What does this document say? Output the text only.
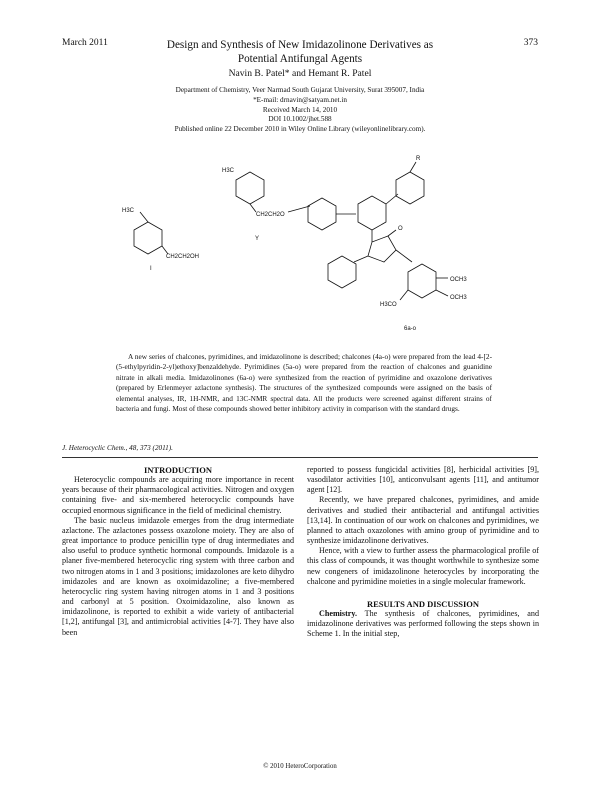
March 2011	373
Design and Synthesis of New Imidazolinone Derivatives as
Potential Antifungal Agents
Navin B. Patel* and Hemant R. Patel
Department of Chemistry, Veer Narmad South Gujarat University, Surat 395007, India
*E-mail: drnavin@satyam.net.in
Received March 14, 2010
DOI 10.1002/jhet.588
Published online 22 December 2010 in Wiley Online Library (wileyonlinelibrary.com).
H3C
CH2CH2O
R
O
OCH3
OCH3
H3CO
H3C
CH2CH2OH
Y
I
6a-o
A new series of chalcones, pyrimidines, and imidazolinone is described; chalcones (4a-o) were prepared from the lead 4-[2-(5-ethylpyridin-2-yl)ethoxy]benzaldehyde. Pyrimidines (5a-o) were prepared from the reaction of chalcones and guanidine nitrate in alkali media. Imidazolinones (6a-o) were synthesized from the reaction of pyrimidine and oxazolone derivatives (prepared by Erlenmeyer azlactone synthesis). The structures of the synthesized compounds were assigned on the basis of elemental analyses, IR, 1H-NMR, and 13C-NMR spectral data. All the products were screened against different strains of bacteria and fungi. Most of these compounds showed better inhibitory activity in comparison with the standard drugs.
J. Heterocyclic Chem., 48, 373 (2011).

INTRODUCTION

Heterocyclic compounds are acquiring more importance in recent years because of their pharmacological activities. Nitrogen and oxygen containing five- and six-membered heterocyclic compounds have occupied enormous significance in the field of medicinal chemistry.

The basic nucleus imidazole emerges from the drug intermediate azlactone. The azlactones possess oxazolone moiety. They are also of great importance to produce penicillin type of drug intermediates and also useful to produce synthetic hormonal compounds. Imidazole is a planer five-membered heterocyclic ring system with three carbon and two nitrogen atoms in 1 and 3 positions; imidazolones are keto dihydro imidazoles and are known as oxoimidazoline; a five-membered heterocyclic ring system having nitrogen atoms in 1 and 3 positions and carbonyl at 5 position. Oxoimidazoline, also known as imidazolinone, is reported to exhibit a wide variety of antibacterial [1,2], antifungal [3], and antimicrobial activities [4-7]. They have also been

reported to possess fungicidal activities [8], herbicidal activities [9], vasodilator activities [10], anticonvulsant agents [11], and antitumor agent [12].

Recently, we have prepared chalcones, pyrimidines, and amide derivatives and studied their antibacterial and antifungal activities [13,14]. In continuation of our work on chalcones and pyrimidines, we planned to attach oxazolones with amino group of pyrimidine and to synthesize imidazolinone derivatives.

Hence, with a view to further assess the pharmacological profile of this class of compounds, it was thought worthwhile to synthesize some new congeners of imidazolinone heterocycles by incorporating the chalcone and pyrimidine moieties in a single molecular framework.

RESULTS AND DISCUSSION

Chemistry. The synthesis of chalcones, pyrimidines, and imidazolinone derivatives was performed following the steps shown in Scheme 1. In the initial step,

© 2010 HeteroCorporation
